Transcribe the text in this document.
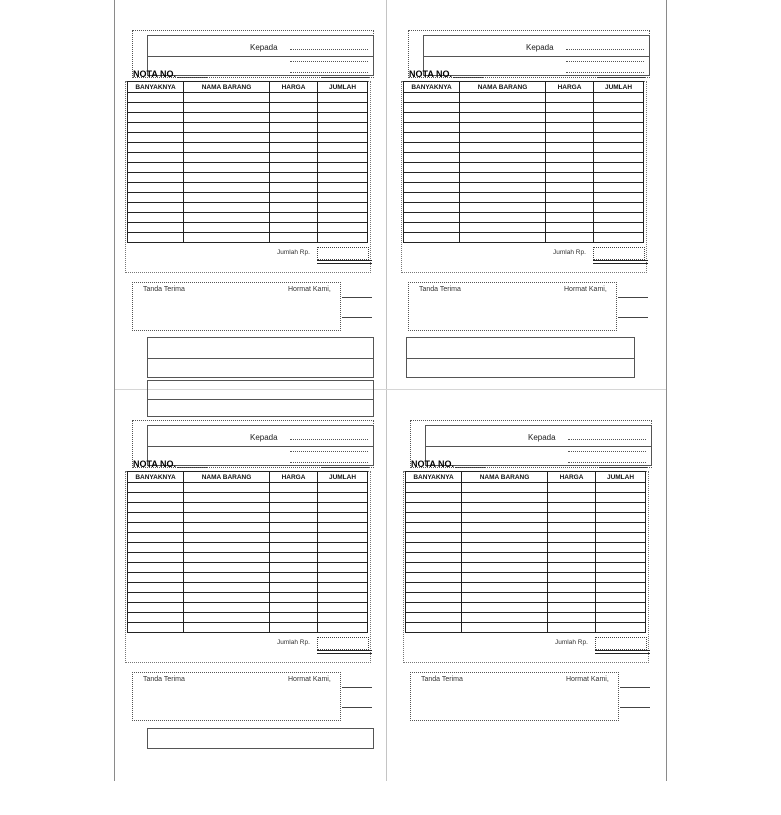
Kepada
NOTA NO.
BANYAKNYA	NAMA BARANG	HARGA	JUMLAH

Jumlah Rp.
Tanda Terima	Hormat Kami,
Kepada
NOTA NO.
BANYAKNYA	NAMA BARANG	HARGA	JUMLAH

Jumlah Rp.
Tanda Terima	Hormat Kami,
Kepada
NOTA NO.
BANYAKNYA	NAMA BARANG	HARGA	JUMLAH

Jumlah Rp.
Tanda Terima	Hormat Kami,
Kepada
NOTA NO.
BANYAKNYA	NAMA BARANG	HARGA	JUMLAH

Jumlah Rp.
Tanda Terima	Hormat Kami,
